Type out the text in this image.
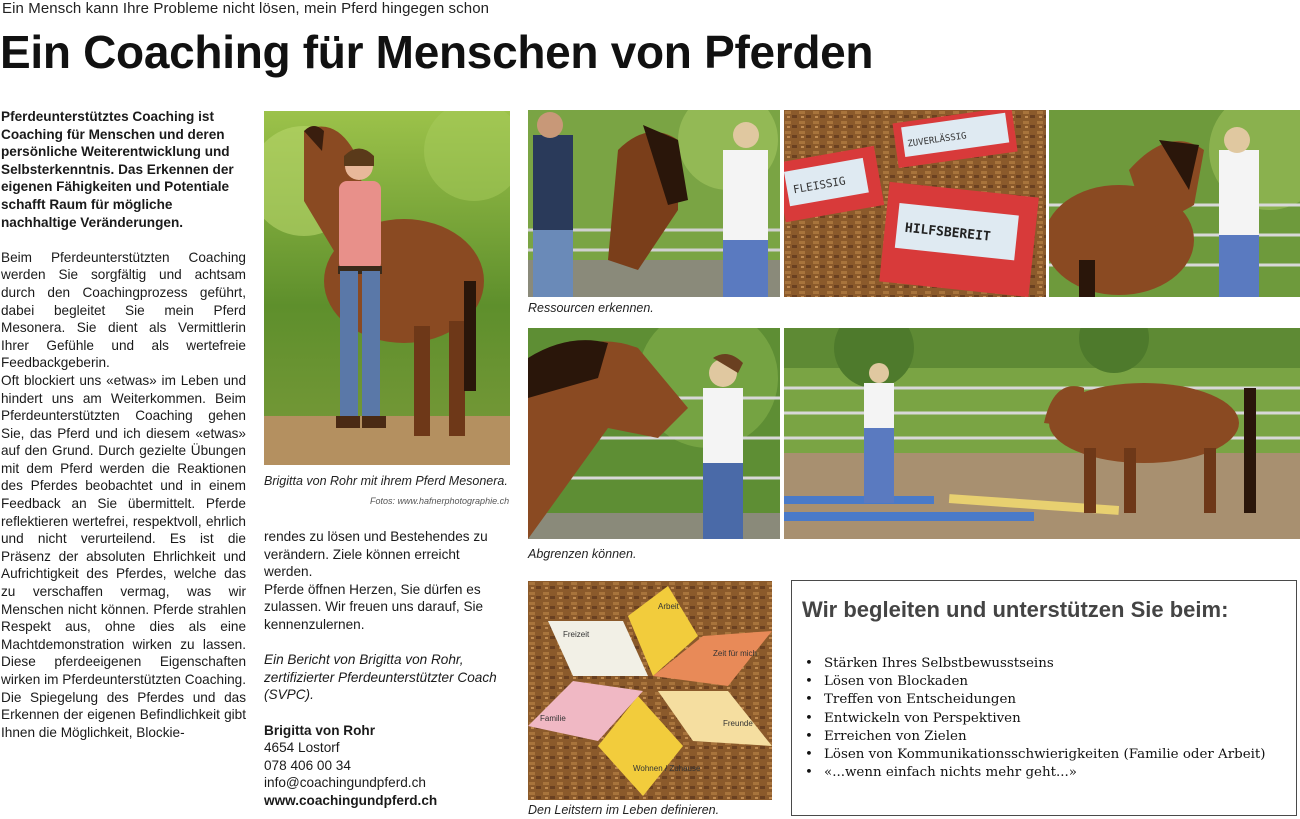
Ein Mensch kann Ihre Probleme nicht lösen, mein Pferd hingegen schon
Ein Coaching für Menschen von Pferden

Pferdeunterstütztes Coaching ist Coaching für Menschen und deren persönliche Weiterentwicklung und Selbsterkenntnis. Das Erkennen der eigenen Fähigkeiten und Potentiale schafft Raum für mögliche nachhaltige Veränderungen.

Beim Pferdeunterstützten Coaching werden Sie sorgfältig und achtsam durch den Coachingprozess geführt, dabei begleitet Sie mein Pferd Mesonera. Sie dient als Vermittlerin Ihrer Gefühle und als wertefreie Feedbackgeberin.

Oft blockiert uns «etwas» im Leben und hindert uns am Weiterkommen. Beim Pferdeunterstützten Coaching gehen Sie, das Pferd und ich diesem «etwas» auf den Grund. Durch gezielte Übungen mit dem Pferd werden die Reaktionen des Pferdes beobachtet und in einem Feedback an Sie übermittelt. Pferde reflektieren wertefrei, respektvoll, ehrlich und nicht verurteilend. Es ist die Präsenz der absoluten Ehrlichkeit und Aufrichtigkeit des Pferdes, welche das zu verschaffen vermag, was wir Menschen nicht können. Pferde strahlen Respekt aus, ohne dies als eine Machtdemonstration wirken zu lassen. Diese pferdeeigenen Eigenschaften wirken im Pferdeunterstützten Coaching. Die Spiegelung des Pferdes und das Erkennen der eigenen Befindlichkeit gibt Ihnen die Möglichkeit, Blockie-

Brigitta von Rohr mit ihrem Pferd Mesonera.
Fotos: www.hafnerphotographie.ch

rendes zu lösen und Bestehendes zu verändern. Ziele können erreicht werden.

Pferde öffnen Herzen, Sie dürfen es zulassen. Wir freuen uns darauf, Sie kennenzulernen.

Ein Bericht von Brigitta von Rohr, zertifizierter Pferdeunterstützter Coach (SVPC).

Brigitta von Rohr

4654 Lostorf

078 406 00 34

info@coachingundpferd.ch

www.coachingundpferd.ch

FLEISSIG
ZUVERLÄSSIG
HILFSBEREIT
Ressourcen erkennen.
Abgrenzen können.
Freizeit
Arbeit
Zeit für mich
Freunde
Wohnen / Zuhause
Familie
Den Leitstern im Leben definieren.
Wir begleiten und unterstützen Sie beim:
• Stärken Ihres Selbstbewusstseins
• Lösen von Blockaden
• Treffen von Entscheidungen
• Entwickeln von Perspektiven
• Erreichen von Zielen
• Lösen von Kommunikationsschwierigkeiten (Familie oder Arbeit)
• «...wenn einfach nichts mehr geht...»
